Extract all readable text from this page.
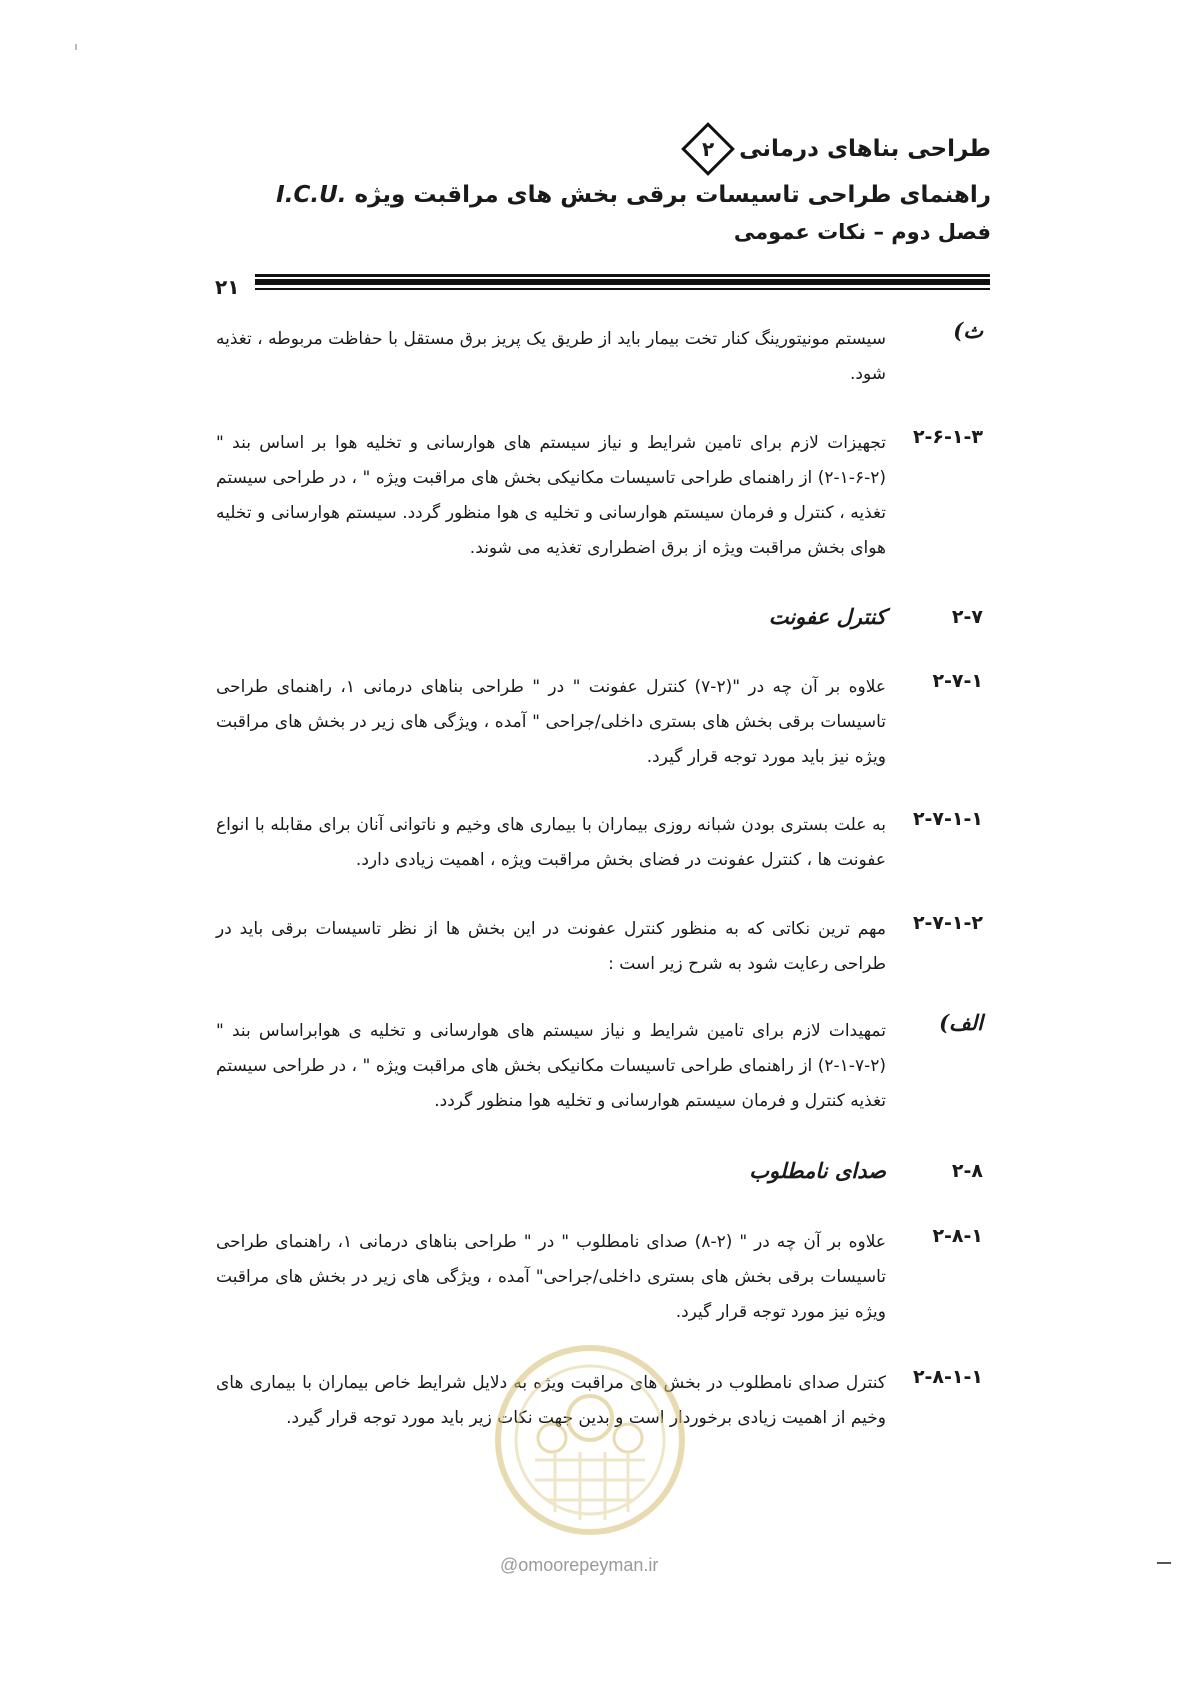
طراحی بناهای درمانی
۲
راهنمای طراحی تاسیسات برقی بخش های مراقبت ویژه I.C.U.
فصل دوم – نکات عمومی
۲۱
ث)
سیستم مونیتورینگ کنار تخت بیمار باید از طریق یک پریز برق مستقل با حفاظت مربوطه ، تغذیه شود.
۲-۶-۱-۳
تجهیزات لازم برای تامین شرایط و نیاز سیستم های هوارسانی و تخلیه هوا بر اساس بند "(۲-۶-۱-۲) از راهنمای طراحی تاسیسات مکانیکی بخش های مراقبت ویژه " ، در طراحی سیستم تغذیه ، کنترل و فرمان سیستم هوارسانی و تخلیه ی هوا منظور گردد. سیستم هوارسانی و تخلیه هوای بخش مراقبت ویژه از برق اضطراری تغذیه می شوند.
۲-۷
کنترل عفونت
۲-۷-۱
علاوه بر آن چه در "(۲-۷) کنترل عفونت " در " طراحی بناهای درمانی ۱، راهنمای طراحی تاسیسات برقی بخش های بستری داخلی/جراحی " آمده ، ویژگی های زیر در بخش های مراقبت ویژه نیز باید مورد توجه قرار گیرد.
۲-۷-۱-۱
به علت بستری بودن شبانه روزی بیماران با بیماری های وخیم و ناتوانی آنان برای مقابله با انواع عفونت ها ، کنترل عفونت در فضای بخش مراقبت ویژه ، اهمیت زیادی دارد.
۲-۷-۱-۲
مهم ترین نکاتی که به منظور کنترل عفونت در این بخش ها از نظر تاسیسات برقی باید در طراحی رعایت شود به شرح زیر است :
الف)
تمهیدات لازم برای تامین شرایط و نیاز سیستم های هوارسانی و تخلیه ی هوابراساس بند " (۲-۷-۱-۲) از راهنمای طراحی تاسیسات مکانیکی بخش های مراقبت ویژه " ، در طراحی سیستم تغذیه کنترل و فرمان سیستم هوارسانی و تخلیه هوا منظور گردد.
۲-۸
صدای نامطلوب
۲-۸-۱
علاوه بر آن چه در " (۲-۸) صدای نامطلوب " در " طراحی بناهای درمانی ۱، راهنمای طراحی تاسیسات برقی بخش های بستری داخلی/جراحی" آمده ، ویژگی های زیر در بخش های مراقبت ویژه نیز مورد توجه قرار گیرد.
۲-۸-۱-۱
کنترل صدای نامطلوب در بخش های مراقبت ویژه به دلایل شرایط خاص بیماران با بیماری های وخیم از اهمیت زیادی برخوردار است و بدین جهت نکات زیر باید مورد توجه قرار گیرد.
@omoorepeyman.ir
